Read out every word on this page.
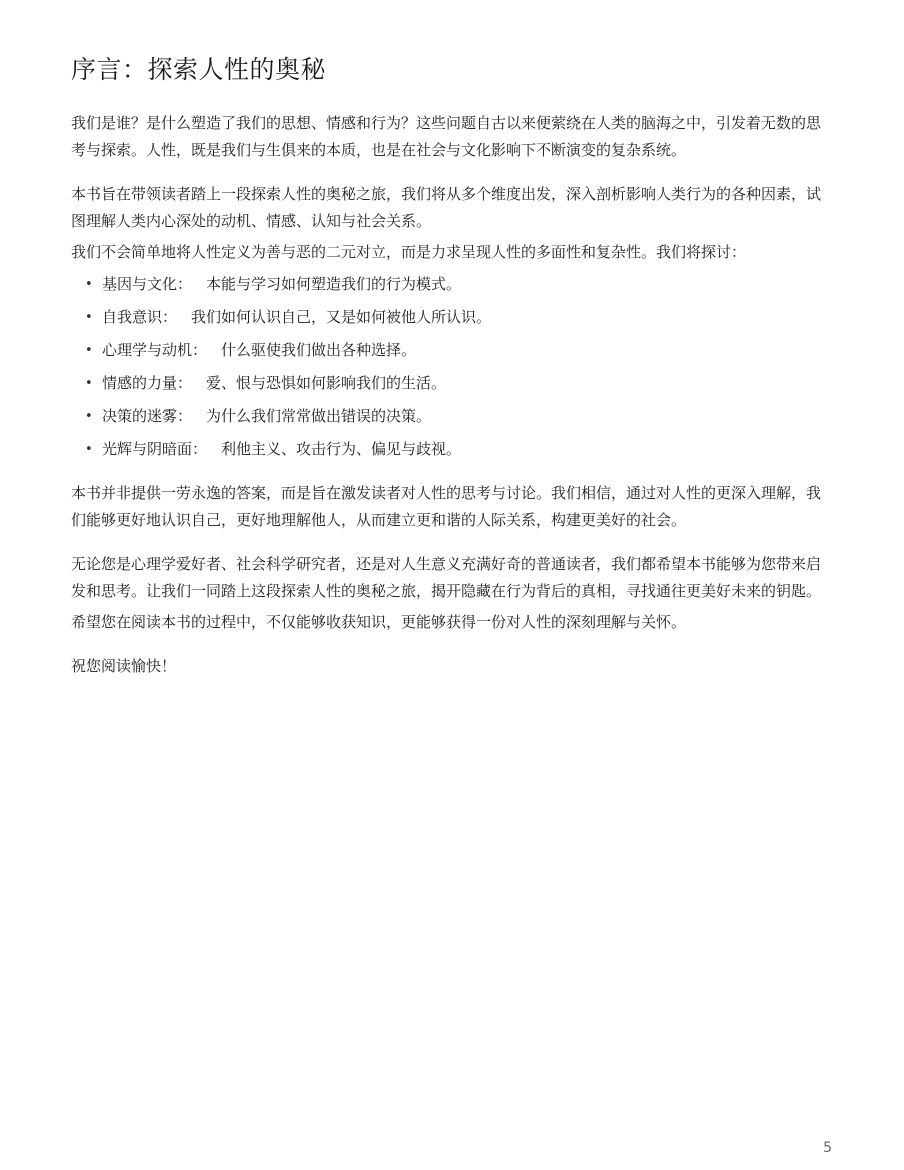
序言：探索人性的奥秘

我们是谁？是什么塑造了我们的思想、情感和行为？这些问题自古以来便萦绕在人类的脑海之中，引发着无数的思考与探索。人性，既是我们与生俱来的本质，也是在社会与文化影响下不断演变的复杂系统。

本书旨在带领读者踏上一段探索人性的奥秘之旅，我们将从多个维度出发，深入剖析影响人类行为的各种因素，试图理解人类内心深处的动机、情感、认知与社会关系。

我们不会简单地将人性定义为善与恶的二元对立，而是力求呈现人性的多面性和复杂性。我们将探讨：

• 基因与文化： 本能与学习如何塑造我们的行为模式。
• 自我意识： 我们如何认识自己，又是如何被他人所认识。
• 心理学与动机： 什么驱使我们做出各种选择。
• 情感的力量： 爱、恨与恐惧如何影响我们的生活。
• 决策的迷雾： 为什么我们常常做出错误的决策。
• 光辉与阴暗面： 利他主义、攻击行为、偏见与歧视。

本书并非提供一劳永逸的答案，而是旨在激发读者对人性的思考与讨论。我们相信，通过对人性的更深入理解，我们能够更好地认识自己，更好地理解他人，从而建立更和谐的人际关系，构建更美好的社会。

无论您是心理学爱好者、社会科学研究者，还是对人生意义充满好奇的普通读者，我们都希望本书能够为您带来启发和思考。让我们一同踏上这段探索人性的奥秘之旅，揭开隐藏在行为背后的真相，寻找通往更美好未来的钥匙。

希望您在阅读本书的过程中，不仅能够收获知识，更能够获得一份对人性的深刻理解与关怀。

祝您阅读愉快！

5
